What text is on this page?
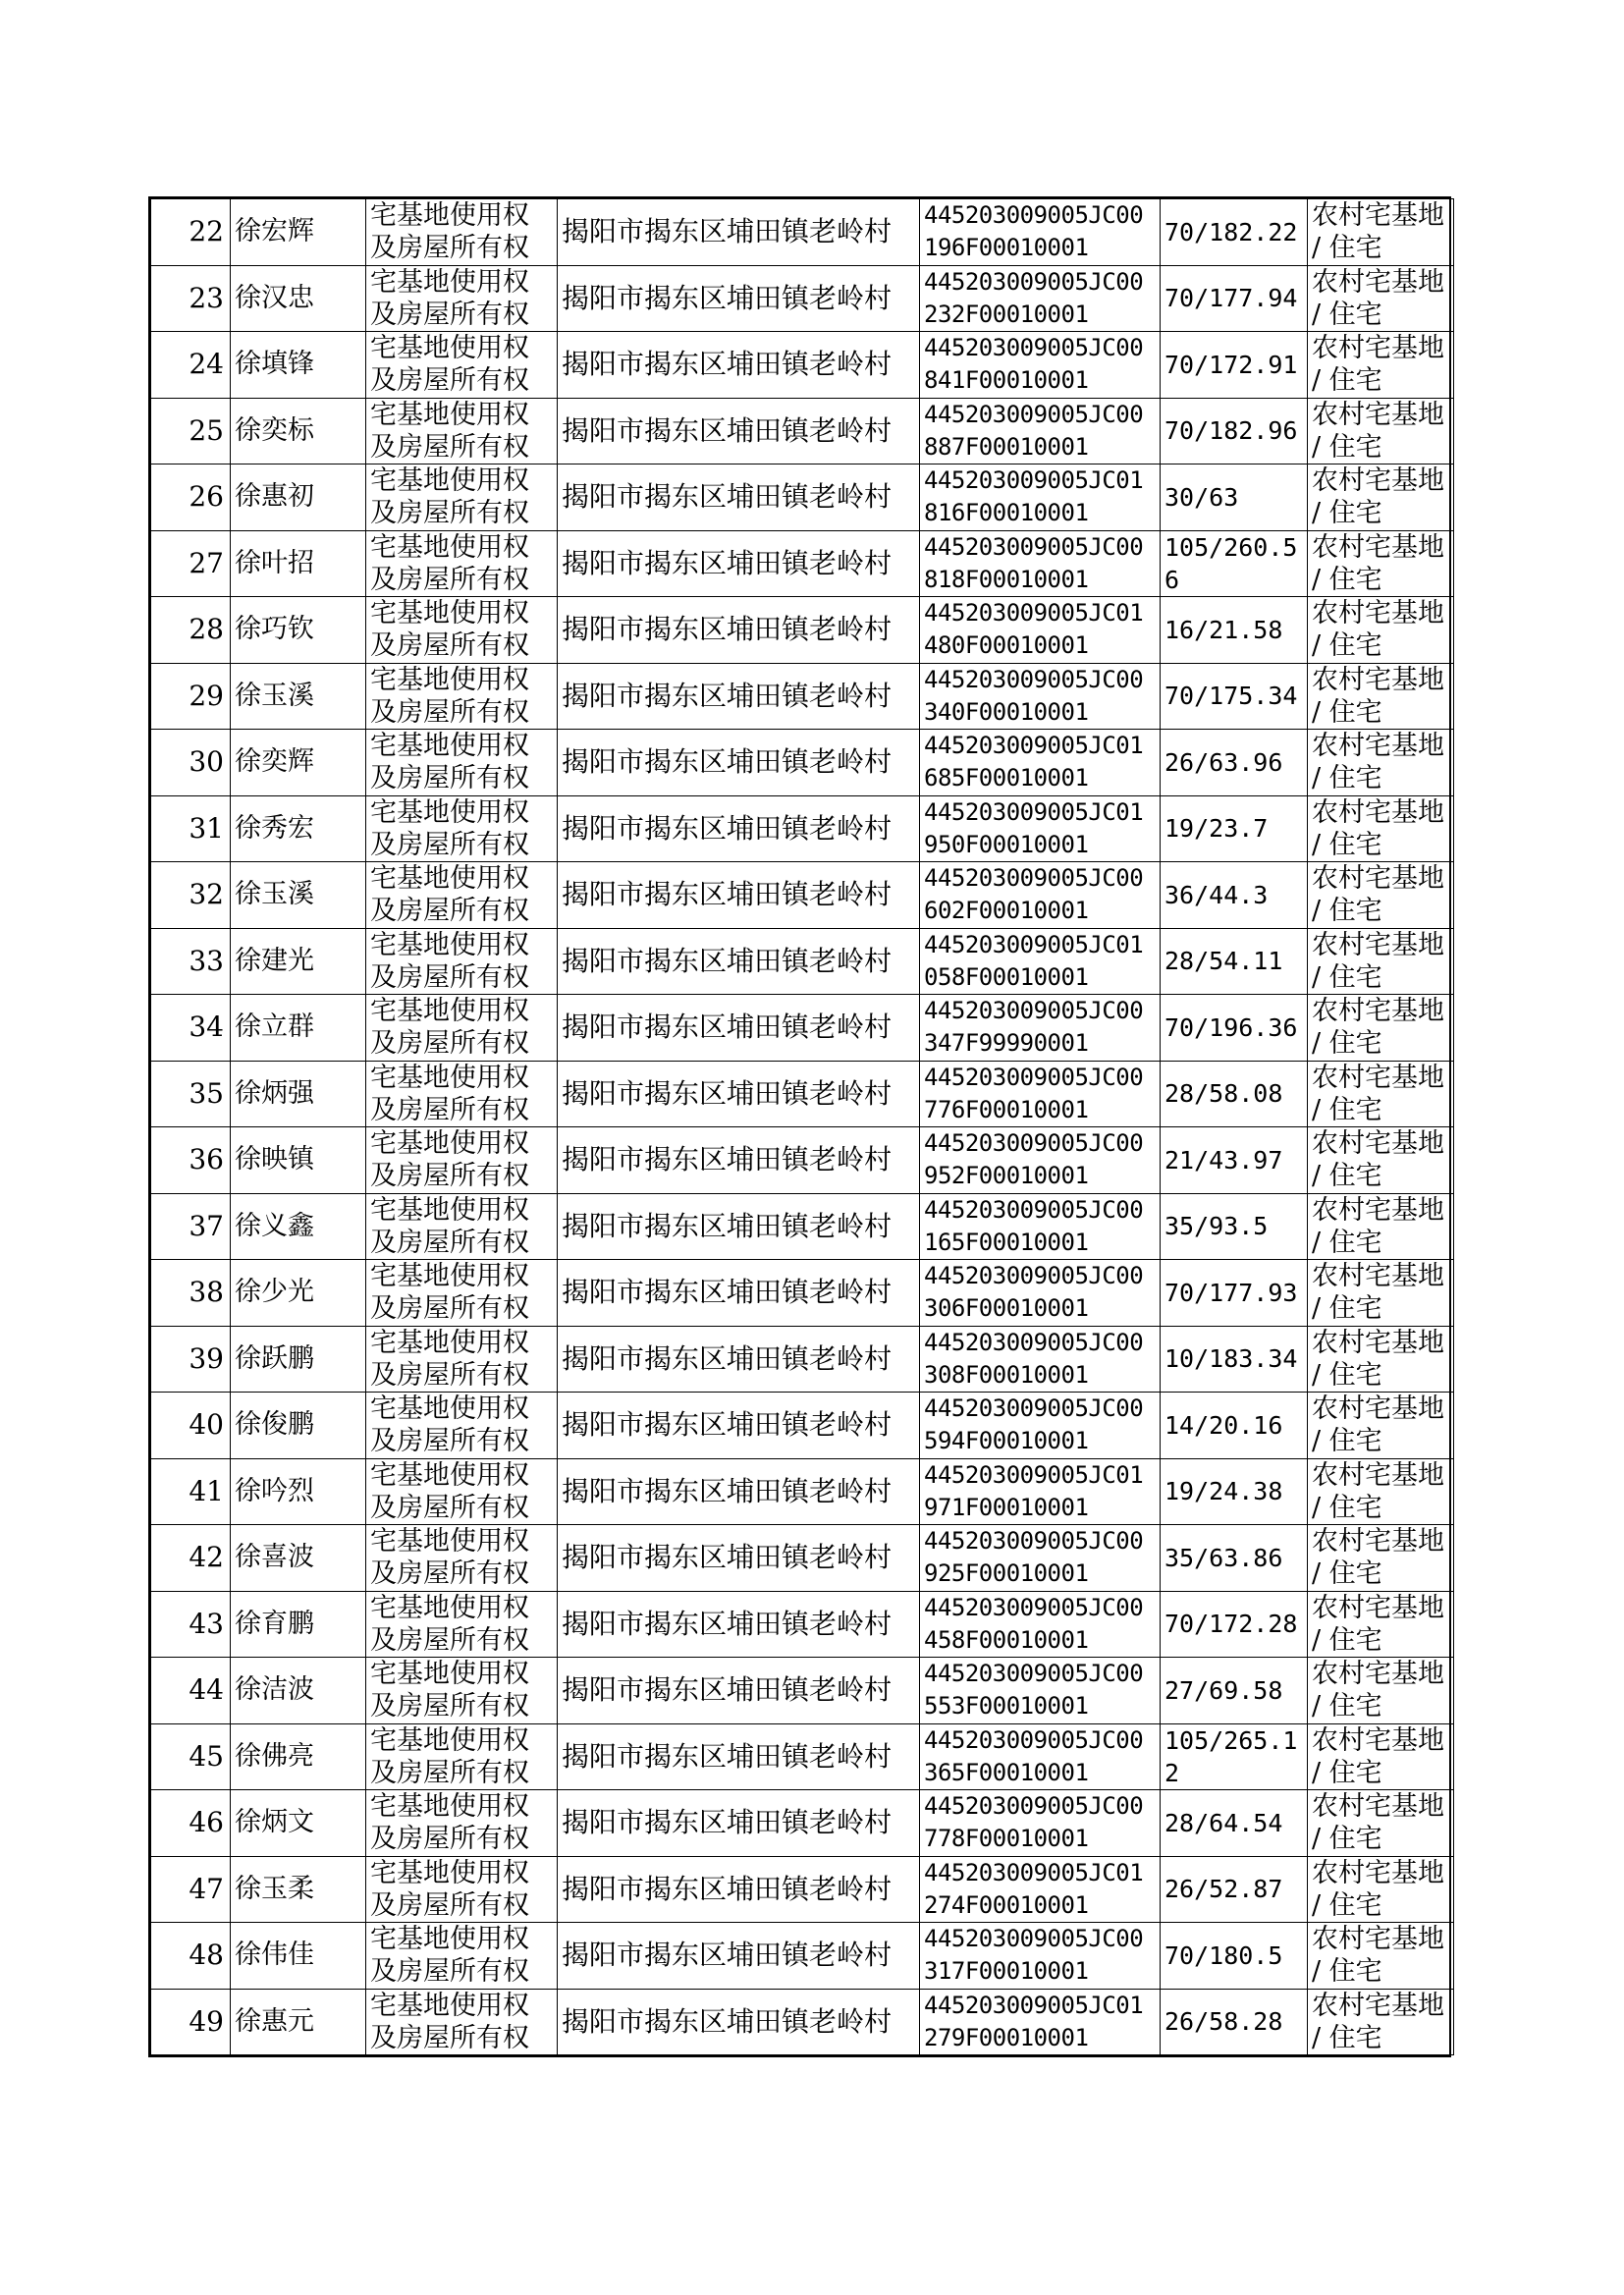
22	徐宏辉	宅基地使用权及房屋所有权	揭阳市揭东区埔田镇老岭村	445203009005JC00196F00010001	70/182.22	农村宅基地 / 住宅
23	徐汉忠	宅基地使用权及房屋所有权	揭阳市揭东区埔田镇老岭村	445203009005JC00232F00010001	70/177.94	农村宅基地 / 住宅
24	徐填锋	宅基地使用权及房屋所有权	揭阳市揭东区埔田镇老岭村	445203009005JC00841F00010001	70/172.91	农村宅基地 / 住宅
25	徐奕标	宅基地使用权及房屋所有权	揭阳市揭东区埔田镇老岭村	445203009005JC00887F00010001	70/182.96	农村宅基地 / 住宅
26	徐惠初	宅基地使用权及房屋所有权	揭阳市揭东区埔田镇老岭村	445203009005JC01816F00010001	30/63	农村宅基地 / 住宅
27	徐叶招	宅基地使用权及房屋所有权	揭阳市揭东区埔田镇老岭村	445203009005JC00818F00010001	105/260.56	农村宅基地 / 住宅
28	徐巧钦	宅基地使用权及房屋所有权	揭阳市揭东区埔田镇老岭村	445203009005JC01480F00010001	16/21.58	农村宅基地 / 住宅
29	徐玉溪	宅基地使用权及房屋所有权	揭阳市揭东区埔田镇老岭村	445203009005JC00340F00010001	70/175.34	农村宅基地 / 住宅
30	徐奕辉	宅基地使用权及房屋所有权	揭阳市揭东区埔田镇老岭村	445203009005JC01685F00010001	26/63.96	农村宅基地 / 住宅
31	徐秀宏	宅基地使用权及房屋所有权	揭阳市揭东区埔田镇老岭村	445203009005JC01950F00010001	19/23.7	农村宅基地 / 住宅
32	徐玉溪	宅基地使用权及房屋所有权	揭阳市揭东区埔田镇老岭村	445203009005JC00602F00010001	36/44.3	农村宅基地 / 住宅
33	徐建光	宅基地使用权及房屋所有权	揭阳市揭东区埔田镇老岭村	445203009005JC01058F00010001	28/54.11	农村宅基地 / 住宅
34	徐立群	宅基地使用权及房屋所有权	揭阳市揭东区埔田镇老岭村	445203009005JC00347F99990001	70/196.36	农村宅基地 / 住宅
35	徐炳强	宅基地使用权及房屋所有权	揭阳市揭东区埔田镇老岭村	445203009005JC00776F00010001	28/58.08	农村宅基地 / 住宅
36	徐映镇	宅基地使用权及房屋所有权	揭阳市揭东区埔田镇老岭村	445203009005JC00952F00010001	21/43.97	农村宅基地 / 住宅
37	徐义鑫	宅基地使用权及房屋所有权	揭阳市揭东区埔田镇老岭村	445203009005JC00165F00010001	35/93.5	农村宅基地 / 住宅
38	徐少光	宅基地使用权及房屋所有权	揭阳市揭东区埔田镇老岭村	445203009005JC00306F00010001	70/177.93	农村宅基地 / 住宅
39	徐跃鹏	宅基地使用权及房屋所有权	揭阳市揭东区埔田镇老岭村	445203009005JC00308F00010001	10/183.34	农村宅基地 / 住宅
40	徐俊鹏	宅基地使用权及房屋所有权	揭阳市揭东区埔田镇老岭村	445203009005JC00594F00010001	14/20.16	农村宅基地 / 住宅
41	徐吟烈	宅基地使用权及房屋所有权	揭阳市揭东区埔田镇老岭村	445203009005JC01971F00010001	19/24.38	农村宅基地 / 住宅
42	徐喜波	宅基地使用权及房屋所有权	揭阳市揭东区埔田镇老岭村	445203009005JC00925F00010001	35/63.86	农村宅基地 / 住宅
43	徐育鹏	宅基地使用权及房屋所有权	揭阳市揭东区埔田镇老岭村	445203009005JC00458F00010001	70/172.28	农村宅基地 / 住宅
44	徐洁波	宅基地使用权及房屋所有权	揭阳市揭东区埔田镇老岭村	445203009005JC00553F00010001	27/69.58	农村宅基地 / 住宅
45	徐佛亮	宅基地使用权及房屋所有权	揭阳市揭东区埔田镇老岭村	445203009005JC00365F00010001	105/265.12	农村宅基地 / 住宅
46	徐炳文	宅基地使用权及房屋所有权	揭阳市揭东区埔田镇老岭村	445203009005JC00778F00010001	28/64.54	农村宅基地 / 住宅
47	徐玉柔	宅基地使用权及房屋所有权	揭阳市揭东区埔田镇老岭村	445203009005JC01274F00010001	26/52.87	农村宅基地 / 住宅
48	徐伟佳	宅基地使用权及房屋所有权	揭阳市揭东区埔田镇老岭村	445203009005JC00317F00010001	70/180.5	农村宅基地 / 住宅
49	徐惠元	宅基地使用权及房屋所有权	揭阳市揭东区埔田镇老岭村	445203009005JC01279F00010001	26/58.28	农村宅基地 / 住宅
